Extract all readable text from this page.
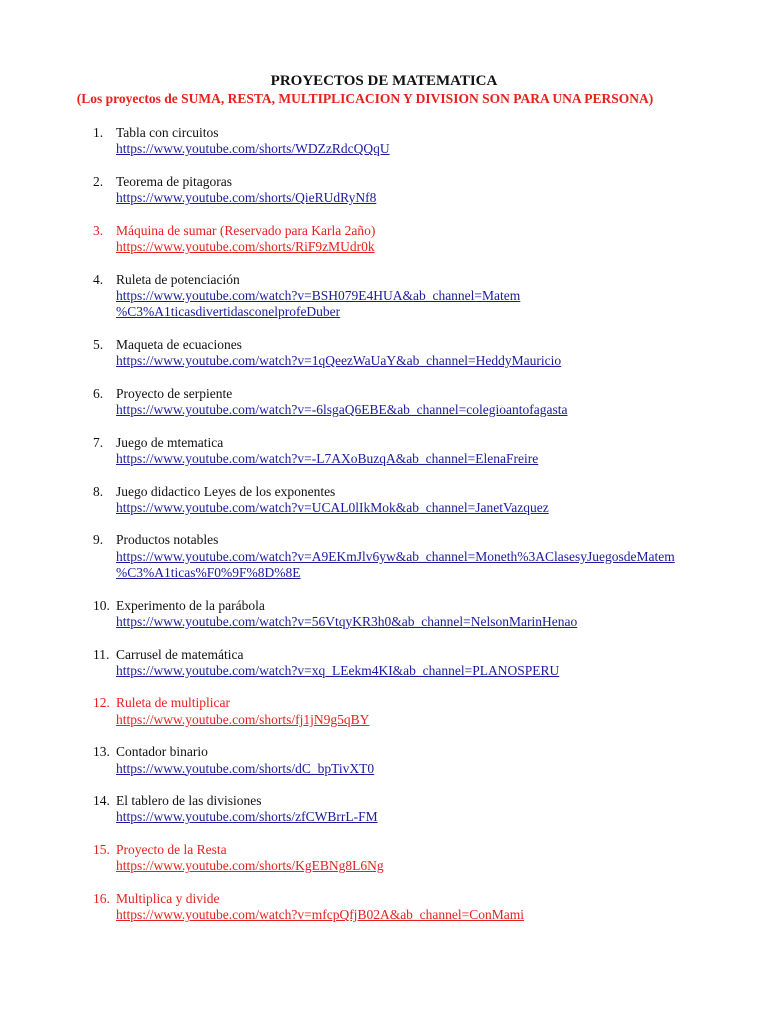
PROYECTOS DE MATEMATICA
(Los proyectos de SUMA, RESTA, MULTIPLICACION Y DIVISION SON PARA UNA PERSONA)
1. Tabla con circuitos
https://www.youtube.com/shorts/WDZzRdcQQqU
2. Teorema de pitagoras
https://www.youtube.com/shorts/QieRUdRyNf8
3. Máquina de sumar (Reservado para Karla 2año)
https://www.youtube.com/shorts/RiF9zMUdr0k
4. Ruleta de potenciación
https://www.youtube.com/watch?v=BSH079E4HUA&ab_channel=Matem
%C3%A1ticasdivertidasconelprofeDuber
5. Maqueta de ecuaciones
https://www.youtube.com/watch?v=1qQeezWaUaY&ab_channel=HeddyMauricio
6. Proyecto de serpiente
https://www.youtube.com/watch?v=-6lsgaQ6EBE&ab_channel=colegioantofagasta
7. Juego de mtematica
https://www.youtube.com/watch?v=-L7AXoBuzqA&ab_channel=ElenaFreire
8. Juego didactico Leyes de los exponentes
https://www.youtube.com/watch?v=UCAL0lIkMok&ab_channel=JanetVazquez
9. Productos notables
https://www.youtube.com/watch?v=A9EKmJlv6yw&ab_channel=Moneth%3AClasesyJuegosdeMatem
%C3%A1ticas%F0%9F%8D%8E
10. Experimento de la parábola
https://www.youtube.com/watch?v=56VtqyKR3h0&ab_channel=NelsonMarinHenao
11. Carrusel de matemática
https://www.youtube.com/watch?v=xq_LEekm4KI&ab_channel=PLANOSPERU
12. Ruleta de multiplicar
https://www.youtube.com/shorts/fj1jN9g5qBY
13. Contador binario
https://www.youtube.com/shorts/dC_bpTivXT0
14. El tablero de las divisiones
https://www.youtube.com/shorts/zfCWBrrL-FM
15. Proyecto de la Resta
https://www.youtube.com/shorts/KgEBNg8L6Ng
16. Multiplica y divide
https://www.youtube.com/watch?v=mfcpQfjB02A&ab_channel=ConMami
